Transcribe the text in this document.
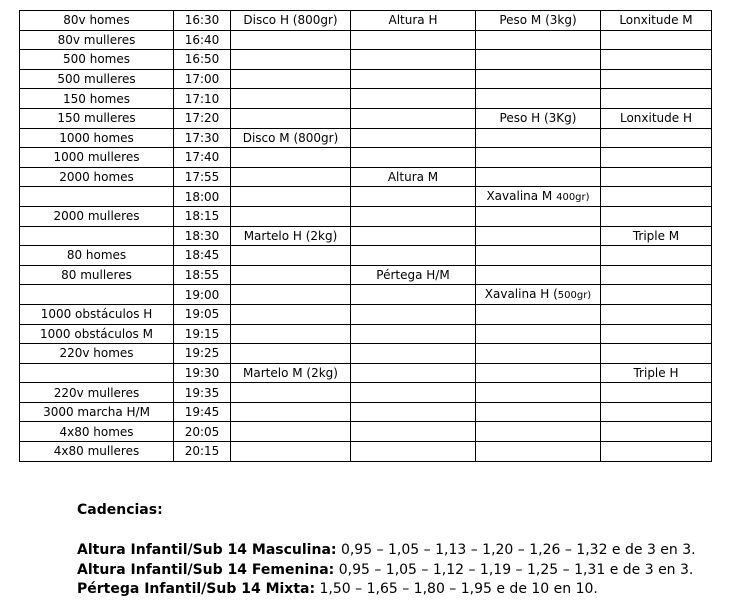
80v homes	16:30	Disco H (800gr)	Altura H	Peso M (3kg)	Lonxitude M
80v mulleres	16:40				
500 homes	16:50				
500 mulleres	17:00				
150 homes	17:10				
150 mulleres	17:20			Peso H (3Kg)	Lonxitude H
1000 homes	17:30	Disco M (800gr)			
1000 mulleres	17:40				
2000 homes	17:55		Altura M		
	18:00			Xavalina M 400gr)	
2000 mulleres	18:15				
	18:30	Martelo H (2kg)			Triple M
80 homes	18:45				
80 mulleres	18:55		Pértega H/M		
	19:00			Xavalina H (500gr)	
1000 obstáculos H	19:05				
1000 obstáculos M	19:15				
220v homes	19:25				
	19:30	Martelo M (2kg)			Triple H
220v mulleres	19:35				
3000 marcha H/M	19:45				
4x80 homes	20:05				
4x80 mulleres	20:15				
Cadencias:
Altura Infantil/Sub 14 Masculina: 0,95 – 1,05 – 1,13 – 1,20 – 1,26 – 1,32 e de 3 en 3.
Altura Infantil/Sub 14 Femenina: 0,95 – 1,05 – 1,12 – 1,19 – 1,25 – 1,31 e de 3 en 3.
Pértega Infantil/Sub 14 Mixta: 1,50 – 1,65 – 1,80 – 1,95 e de 10 en 10.
